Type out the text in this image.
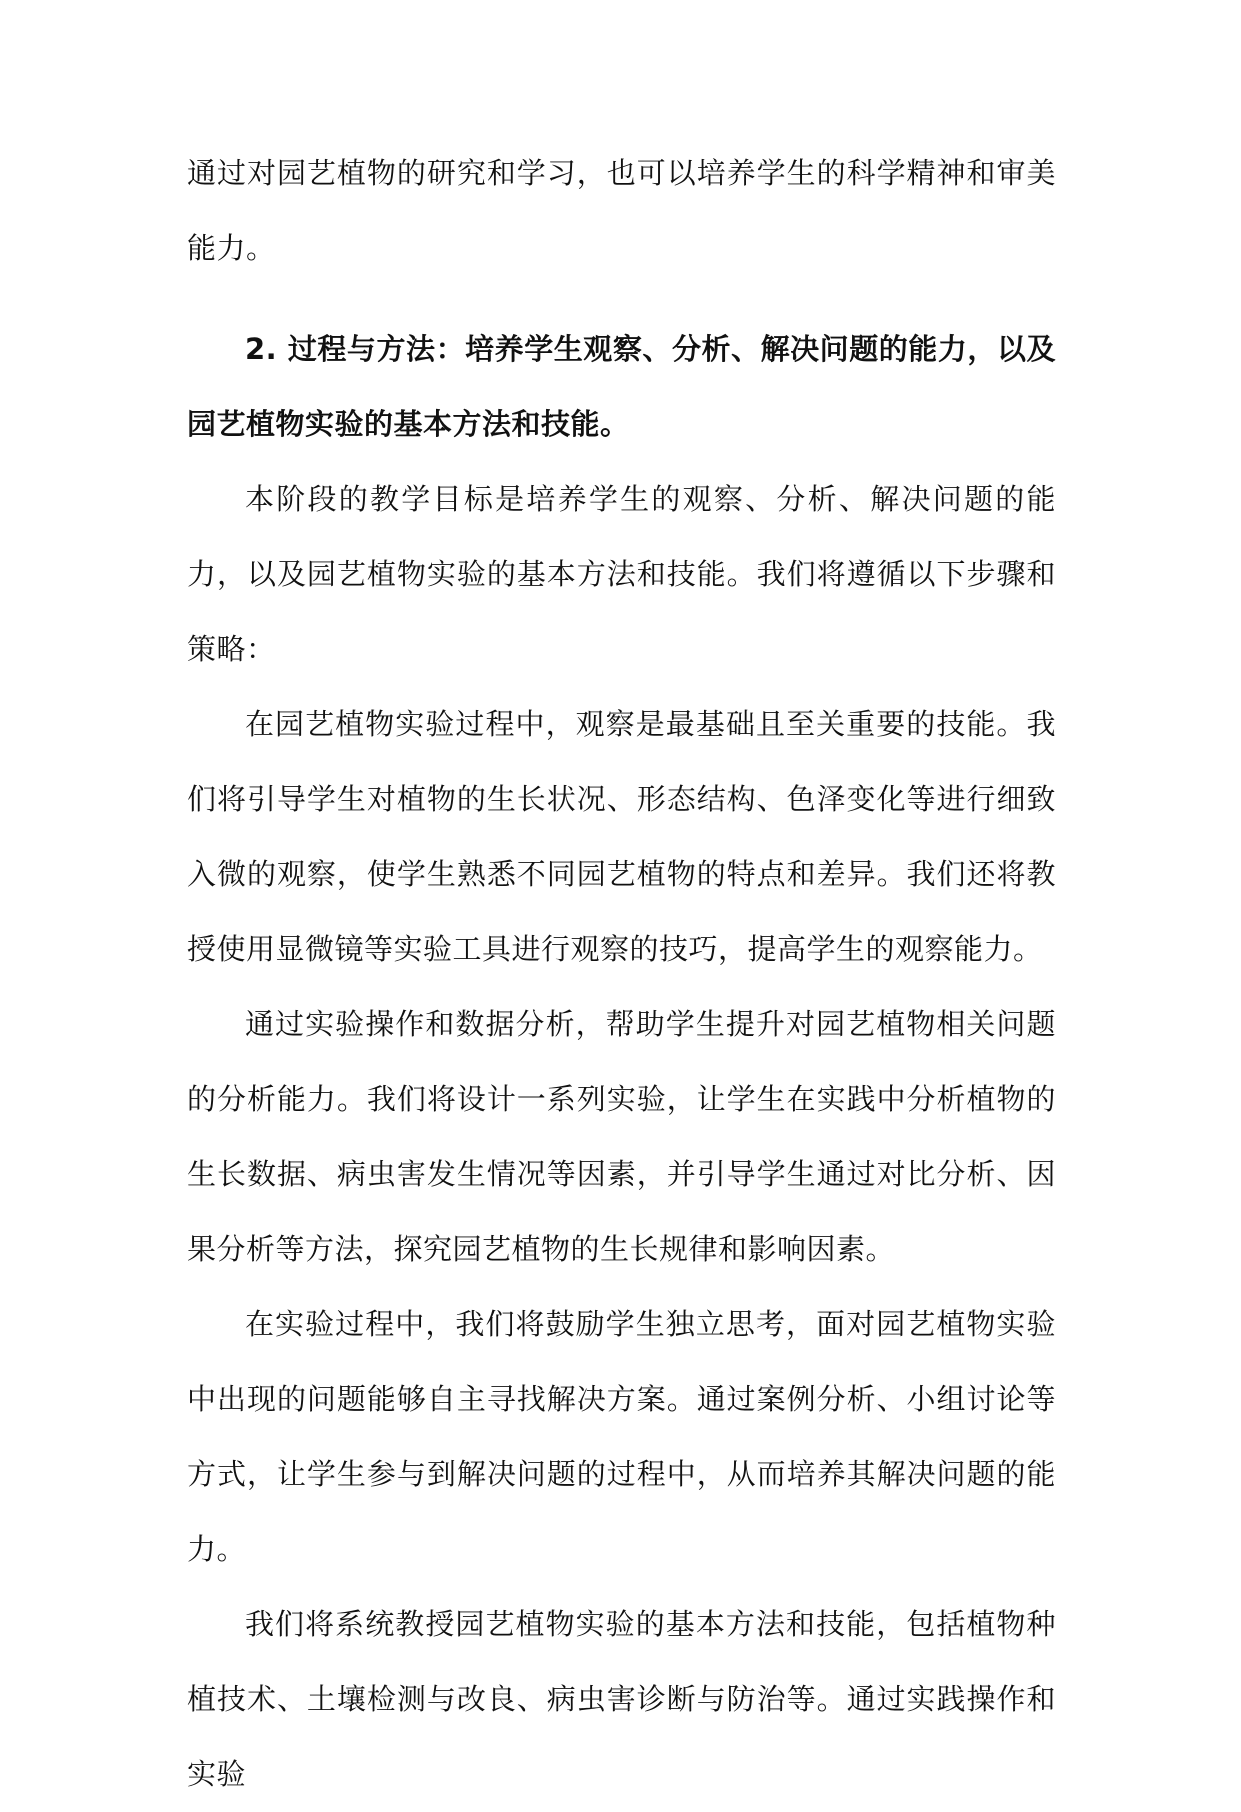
通过对园艺植物的研究和学习，也可以培养学生的科学精神和审美能力。

2. 过程与方法：培养学生观察、分析、解决问题的能力，以及园艺植物实验的基本方法和技能。

本阶段的教学目标是培养学生的观察、分析、解决问题的能力，以及园艺植物实验的基本方法和技能。我们将遵循以下步骤和策略：

在园艺植物实验过程中，观察是最基础且至关重要的技能。我们将引导学生对植物的生长状况、形态结构、色泽变化等进行细致入微的观察，使学生熟悉不同园艺植物的特点和差异。我们还将教授使用显微镜等实验工具进行观察的技巧，提高学生的观察能力。

通过实验操作和数据分析，帮助学生提升对园艺植物相关问题的分析能力。我们将设计一系列实验，让学生在实践中分析植物的生长数据、病虫害发生情况等因素，并引导学生通过对比分析、因果分析等方法，探究园艺植物的生长规律和影响因素。

在实验过程中，我们将鼓励学生独立思考，面对园艺植物实验中出现的问题能够自主寻找解决方案。通过案例分析、小组讨论等方式，让学生参与到解决问题的过程中，从而培养其解决问题的能力。

我们将系统教授园艺植物实验的基本方法和技能，包括植物种植技术、土壤检测与改良、病虫害诊断与防治等。通过实践操作和实验
